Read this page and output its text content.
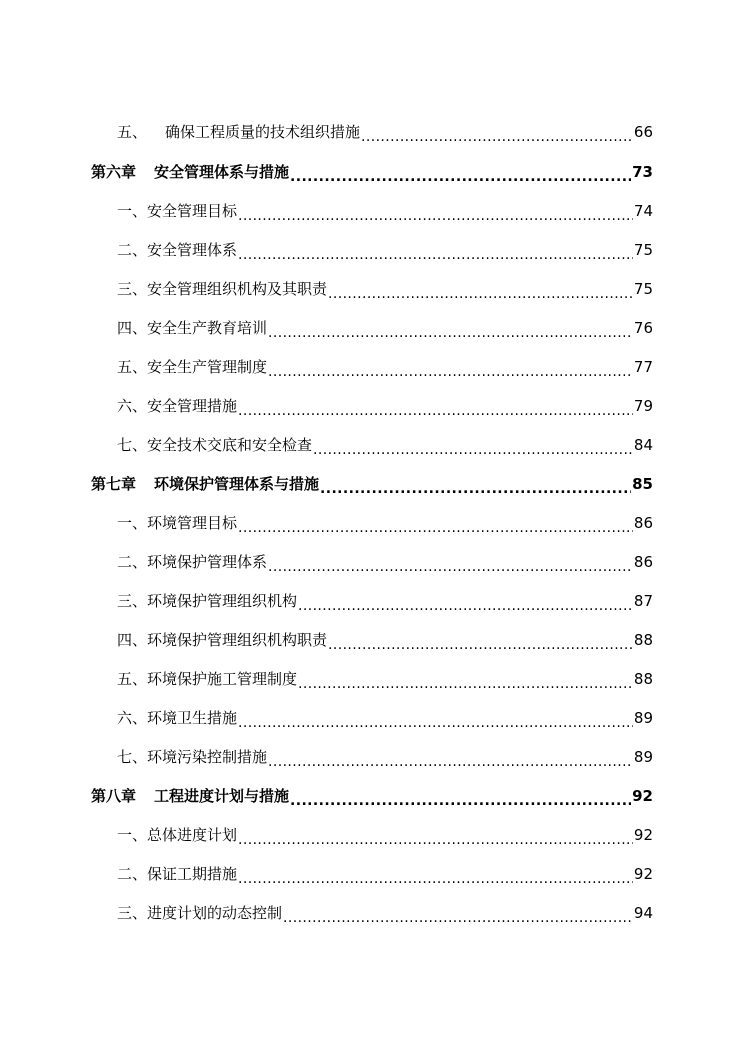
五、 确保工程质量的技术组织措施 .....	66
第六章 安全管理体系与措施 .....	73
一、 安全管理目标 .....	74
二、 安全管理体系 .....	75
三、 安全管理组织机构及其职责 .....	75
四、 安全生产教育培训 .....	76
五、 安全生产管理制度 .....	77
六、 安全管理措施 .....	79
七、 安全技术交底和安全检查 .....	84
第七章 环境保护管理体系与措施 .....	85
一、 环境管理目标 .....	86
二、 环境保护管理体系 .....	86
三、 环境保护管理组织机构 .....	87
四、 环境保护管理组织机构职责 .....	88
五、 环境保护施工管理制度 .....	88
六、 环境卫生措施 .....	89
七、 环境污染控制措施 .....	89
第八章 工程进度计划与措施 .....	92
一、 总体进度计划 .....	92
二、 保证工期措施 .....	92
三、 进度计划的动态控制 .....	94
